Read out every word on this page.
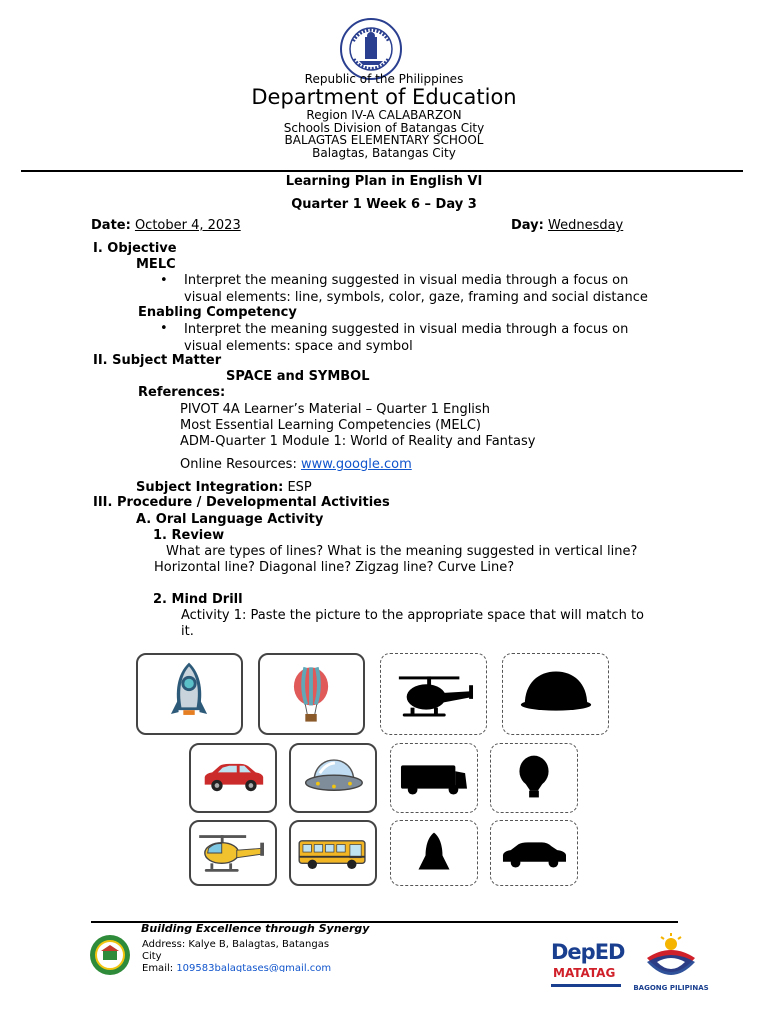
Republic of the Philippines
Department of Education
Region IV-A CALABARZON
Schools Division of Batangas City
BALAGTAS ELEMENTARY SCHOOL
Balagtas, Batangas City
Learning Plan in English VI
Quarter 1 Week 6 – Day 3
Date: October 4, 2023	Day: Wednesday
I. Objective
MELC
• Interpret the meaning suggested in visual media through a focus on
visual elements: line, symbols, color, gaze, framing and social distance
Enabling Competency
• Interpret the meaning suggested in visual media through a focus on
visual elements: space and symbol
II. Subject Matter
SPACE and SYMBOL
References:
PIVOT 4A Learner’s Material – Quarter 1 English
Most Essential Learning Competencies (MELC)
ADM-Quarter 1 Module 1: World of Reality and Fantasy
Online Resources: www.google.com
Subject Integration: ESP
III. Procedure / Developmental Activities
A. Oral Language Activity
1. Review
What are types of lines? What is the meaning suggested in vertical line?
Horizontal line? Diagonal line? Zigzag line? Curve Line?
2. Mind Drill
Activity 1: Paste the picture to the appropriate space that will match to
it.
Building Excellence through Synergy
Address: Kalye B, Balagtas, Batangas
City
Email: 109583balagtases@gmail.com
DepED
MATATAG
BAGONG PILIPINAS
